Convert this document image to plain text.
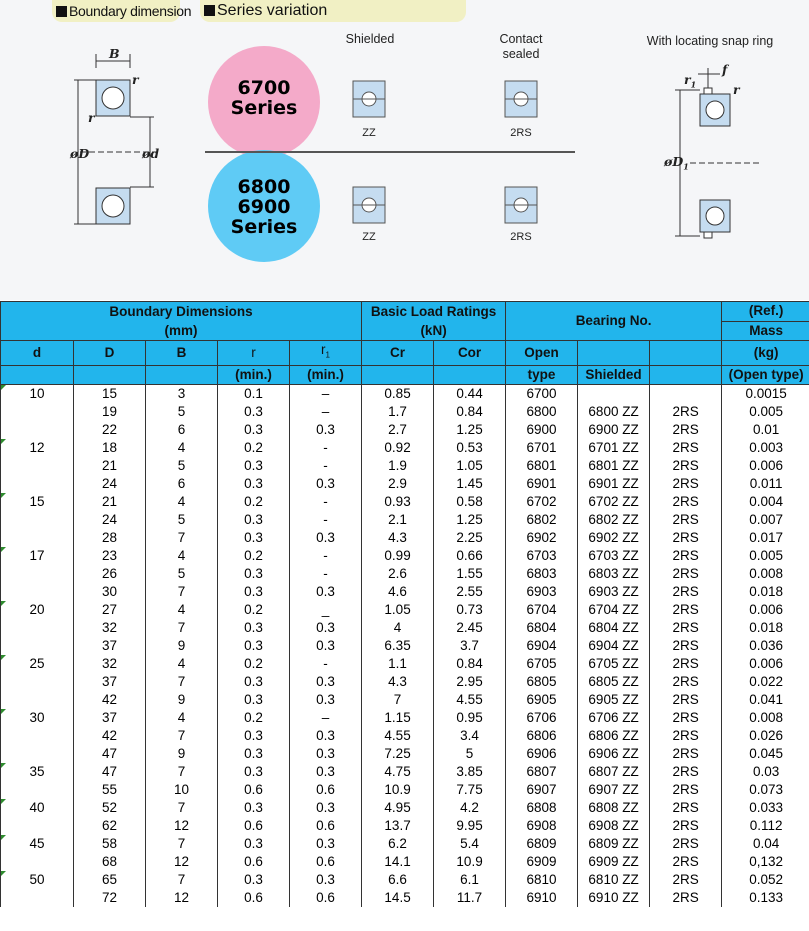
Boundary dimension	Series variation
B
r
r
øD	ød
6700
Series
6800
6900
Series
Shielded	Contact
sealed
With locating snap ring
ZZ	2RS
ZZ	2RS
$r_1$
f
r
$øD_1$
Boundary Dimensions
(mm)					Basic Load Ratings
(kN)		Bearing No.			(Ref.)
										Mass
d	D	B	r	$r_1$	Cr	Cor	Open			(kg)
			(min.)	(min.)			type	Shielded		(Open type)
10	15	3	0.1	–	0.85	0.44	6700			0.0015
	19	5	0.3	–	1.7	0.84	6800	6800 ZZ	2RS	0.005
	22	6	0.3	0.3	2.7	1.25	6900	6900 ZZ	2RS	0.01
12	18	4	0.2	-	0.92	0.53	6701	6701 ZZ	2RS	0.003
	21	5	0.3	-	1.9	1.05	6801	6801 ZZ	2RS	0.006
	24	6	0.3	0.3	2.9	1.45	6901	6901 ZZ	2RS	0.011
15	21	4	0.2	-	0.93	0.58	6702	6702 ZZ	2RS	0.004
	24	5	0.3	-	2.1	1.25	6802	6802 ZZ	2RS	0.007
	28	7	0.3	0.3	4.3	2.25	6902	6902 ZZ	2RS	0.017
17	23	4	0.2	-	0.99	0.66	6703	6703 ZZ	2RS	0.005
	26	5	0.3	-	2.6	1.55	6803	6803 ZZ	2RS	0.008
	30	7	0.3	0.3	4.6	2.55	6903	6903 ZZ	2RS	0.018
20	27	4	0.2	_	1.05	0.73	6704	6704 ZZ	2RS	0.006
	32	7	0.3	0.3	4	2.45	6804	6804 ZZ	2RS	0.018
	37	9	0.3	0.3	6.35	3.7	6904	6904 ZZ	2RS	0.036
25	32	4	0.2	-	1.1	0.84	6705	6705 ZZ	2RS	0.006
	37	7	0.3	0.3	4.3	2.95	6805	6805 ZZ	2RS	0.022
	42	9	0.3	0.3	7	4.55	6905	6905 ZZ	2RS	0.041
30	37	4	0.2	–	1.15	0.95	6706	6706 ZZ	2RS	0.008
	42	7	0.3	0.3	4.55	3.4	6806	6806 ZZ	2RS	0.026
	47	9	0.3	0.3	7.25	5	6906	6906 ZZ	2RS	0.045
35	47	7	0.3	0.3	4.75	3.85	6807	6807 ZZ	2RS	0.03
	55	10	0.6	0.6	10.9	7.75	6907	6907 ZZ	2RS	0.073
40	52	7	0.3	0.3	4.95	4.2	6808	6808 ZZ	2RS	0.033
	62	12	0.6	0.6	13.7	9.95	6908	6908 ZZ	2RS	0.112
45	58	7	0.3	0.3	6.2	5.4	6809	6809 ZZ	2RS	0.04
	68	12	0.6	0.6	14.1	10.9	6909	6909 ZZ	2RS	0,132
50	65	7	0.3	0.3	6.6	6.1	6810	6810 ZZ	2RS	0.052
	72	12	0.6	0.6	14.5	11.7	6910	6910 ZZ	2RS	0.133
